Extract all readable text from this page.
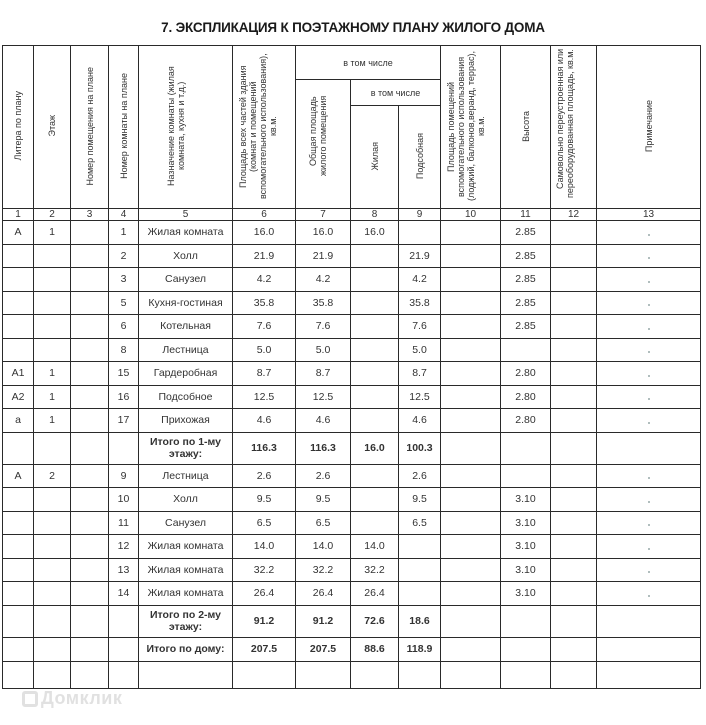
7. ЭКСПЛИКАЦИЯ К ПОЭТАЖНОМУ ПЛАНУ ЖИЛОГО ДОМА
Литера по плану	Этаж	Номер помещения на плане	Номер комнаты на плане	Назначение комнаты (жилая комната, кухня и т.д.)	Площадь всех частей здания (комнат и помещений вспомогательного использования), кв.м.	в том числе			Площадь помещений вспомогательного использования (лоджий, балконов,веранд, террас), кв.м.	Высота	Самовольно переустроенная или переоборудованная площадь, кв.м.	Примечание
						Общая площадь жилого помещения	в том числе					
							Жилая	Подсобная				
1	2	3	4	5	6	7	8	9	10	11	12	13
А	1		1	Жилая комната	16.0	16.0	16.0			2.85		
			2	Холл	21.9	21.9		21.9		2.85		
			3	Санузел	4.2	4.2		4.2		2.85		
			5	Кухня-гостиная	35.8	35.8		35.8		2.85		
			6	Котельная	7.6	7.6		7.6		2.85		
			8	Лестница	5.0	5.0		5.0				
А1	1		15	Гардеробная	8.7	8.7		8.7		2.80		
А2	1		16	Подсобное	12.5	12.5		12.5		2.80		
а	1		17	Прихожая	4.6	4.6		4.6		2.80		
				Итого по 1-му этажу:	116.3	116.3	16.0	100.3				
А	2		9	Лестница	2.6	2.6		2.6				
			10	Холл	9.5	9.5		9.5		3.10		
			11	Санузел	6.5	6.5		6.5		3.10		
			12	Жилая комната	14.0	14.0	14.0			3.10		
			13	Жилая комната	32.2	32.2	32.2			3.10		
			14	Жилая комната	26.4	26.4	26.4			3.10		
				Итого по 2-му этажу:	91.2	91.2	72.6	18.6				
				Итого по дому:	207.5	207.5	88.6	118.9				

Домклик
